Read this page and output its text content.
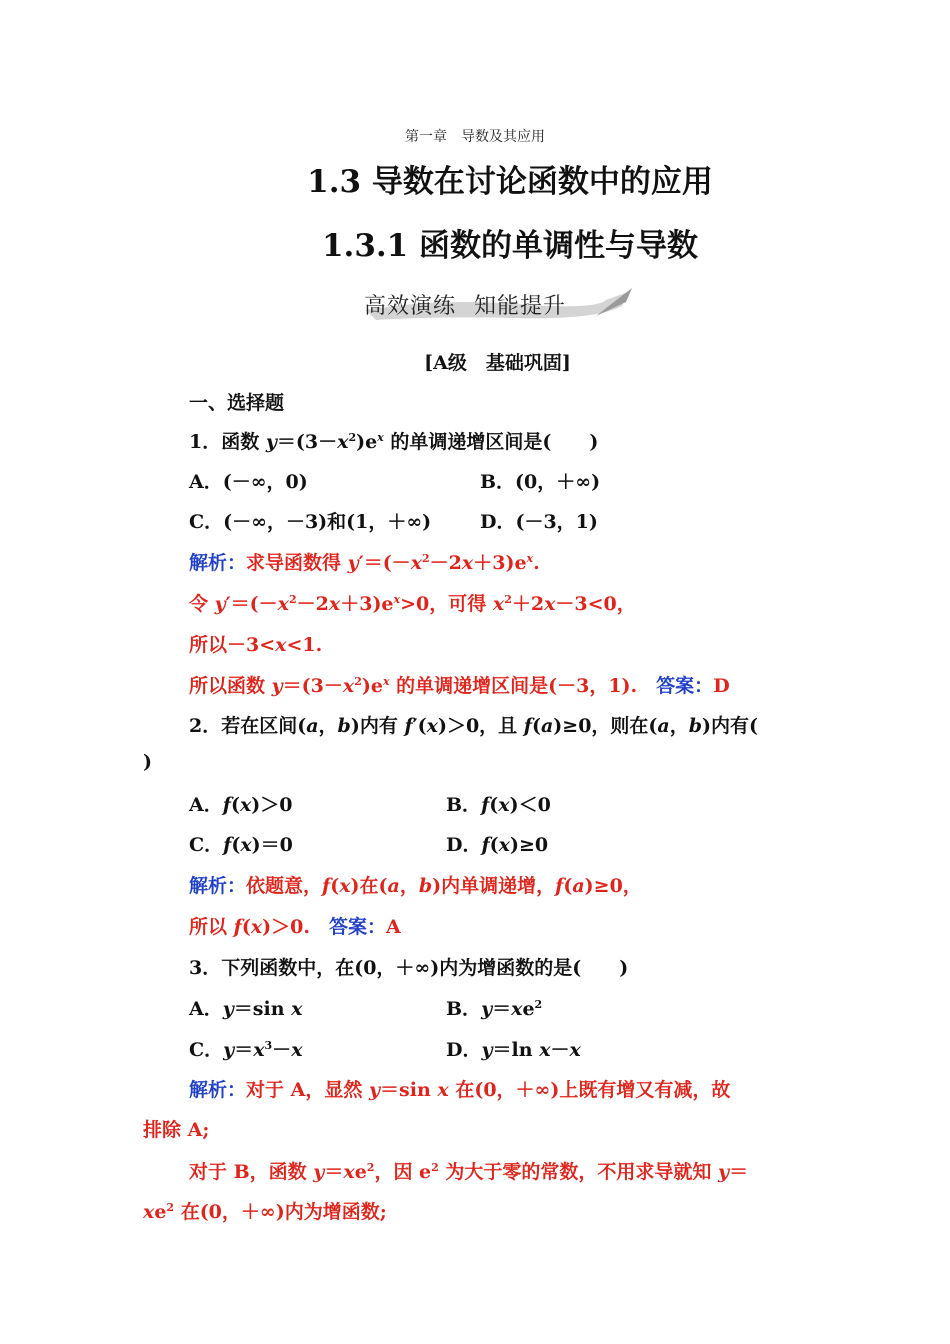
第一章　导数及其应用
1.3 导数在讨论函数中的应用
1.3.1 函数的单调性与导数
高效演练 知能提升
[A级　基础巩固]
一、选择题
1．函数 $y=(3-x^2)e^x$ 的单调递增区间是(　　)
A．(－∞，0)	B．(0，＋∞)
C．(－∞，－3)和(1，＋∞)	D．(－3，1)
解析：求导函数得 $y'=(-x^2-2x+3)e^x$.
令 $y'=(-x^2-2x+3)e^x>0$，可得 $x^2+2x-3<0$，
所以－3<x<1.
所以函数 $y=(3-x^2)e^x$ 的单调递增区间是(－3，1).　答案：D
2．若在区间(a，b)内有 f′(x)＞0，且 f(a)≥0，则在(a，b)内有(
)
A．f(x)＞0	B．f(x)＜0
C．f(x)＝0	D．f(x)≥0
解析：依题意，f(x)在(a，b)内单调递增，f(a)≥0，
所以 f(x)＞0.　答案：A
3．下列函数中，在(0，＋∞)内为增函数的是(　　)
A．y＝sin x	B．$y=xe^2$
C．$y=x^3-x$	D．y＝ln x－x
解析：对于 A，显然 y＝sin x 在(0，＋∞)上既有增又有减，故
排除 A;
对于 B，函数 $y=xe^2$，因 $e^2$ 为大于零的常数，不用求导就知 y＝
$xe^2$ 在(0，＋∞)内为增函数;
